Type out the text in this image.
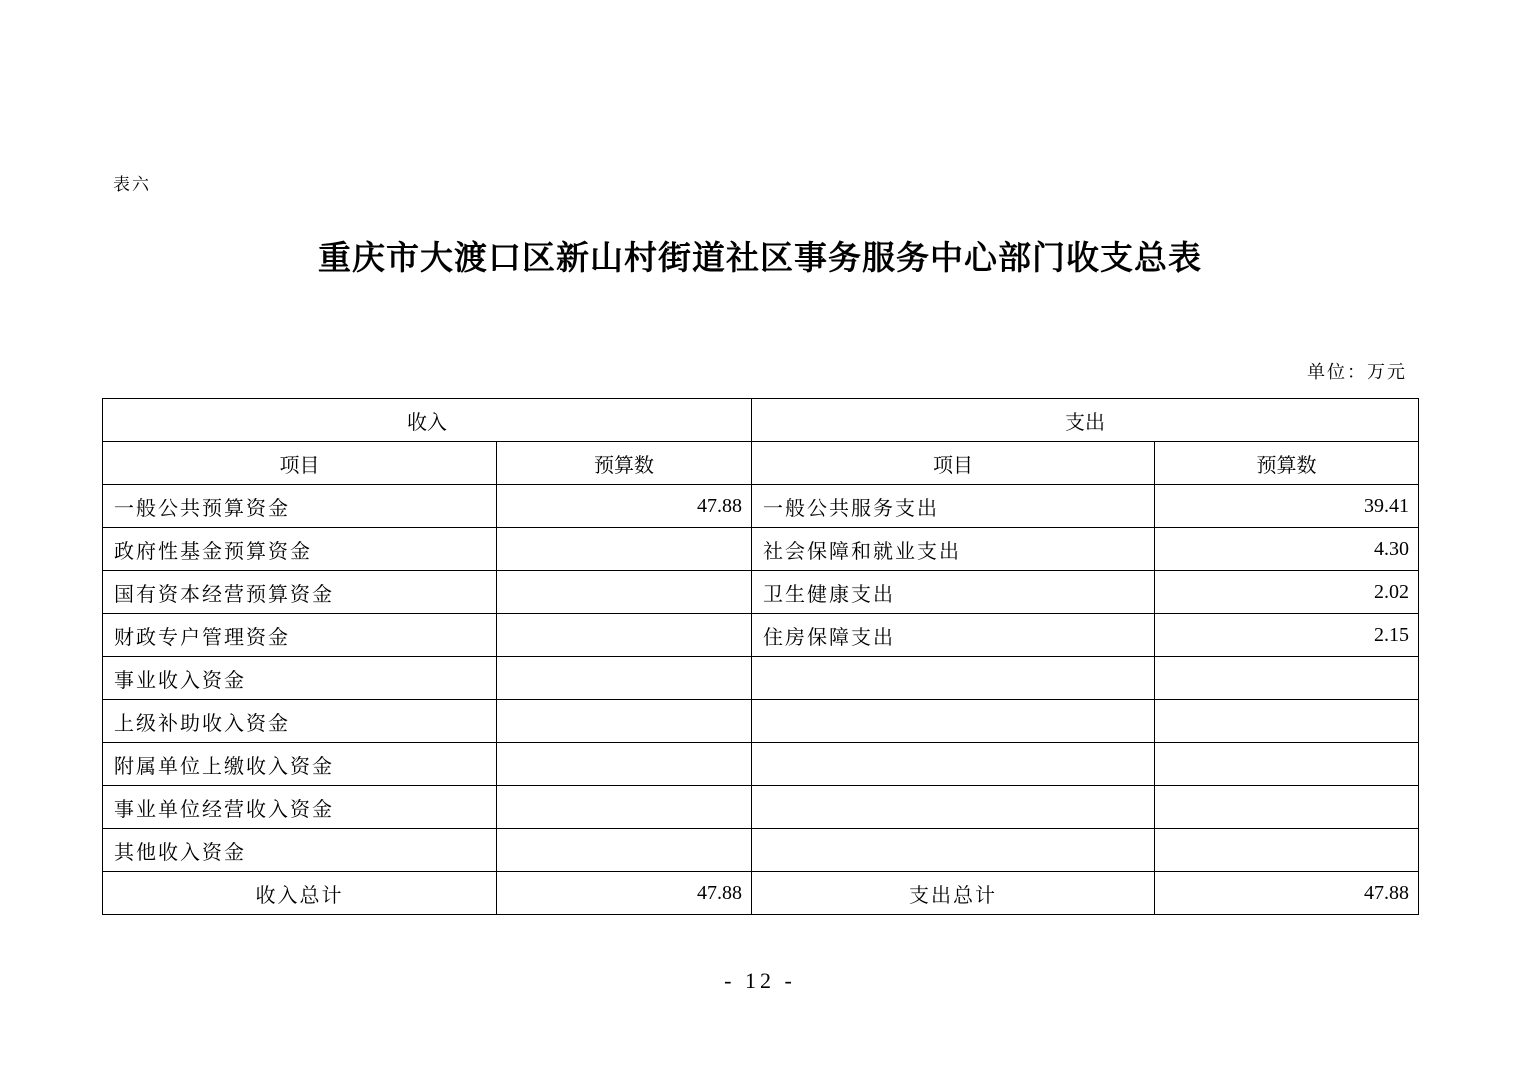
表六
重庆市大渡口区新山村街道社区事务服务中心部门收支总表
单位：万元
收入		支出	
项目	预算数	项目	预算数
一般公共预算资金	47.88	一般公共服务支出	39.41
政府性基金预算资金		社会保障和就业支出	4.30
国有资本经营预算资金		卫生健康支出	2.02
财政专户管理资金		住房保障支出	2.15
事业收入资金			
上级补助收入资金			
附属单位上缴收入资金			
事业单位经营收入资金			
其他收入资金			
收入总计	47.88	支出总计	47.88
- 12 -
